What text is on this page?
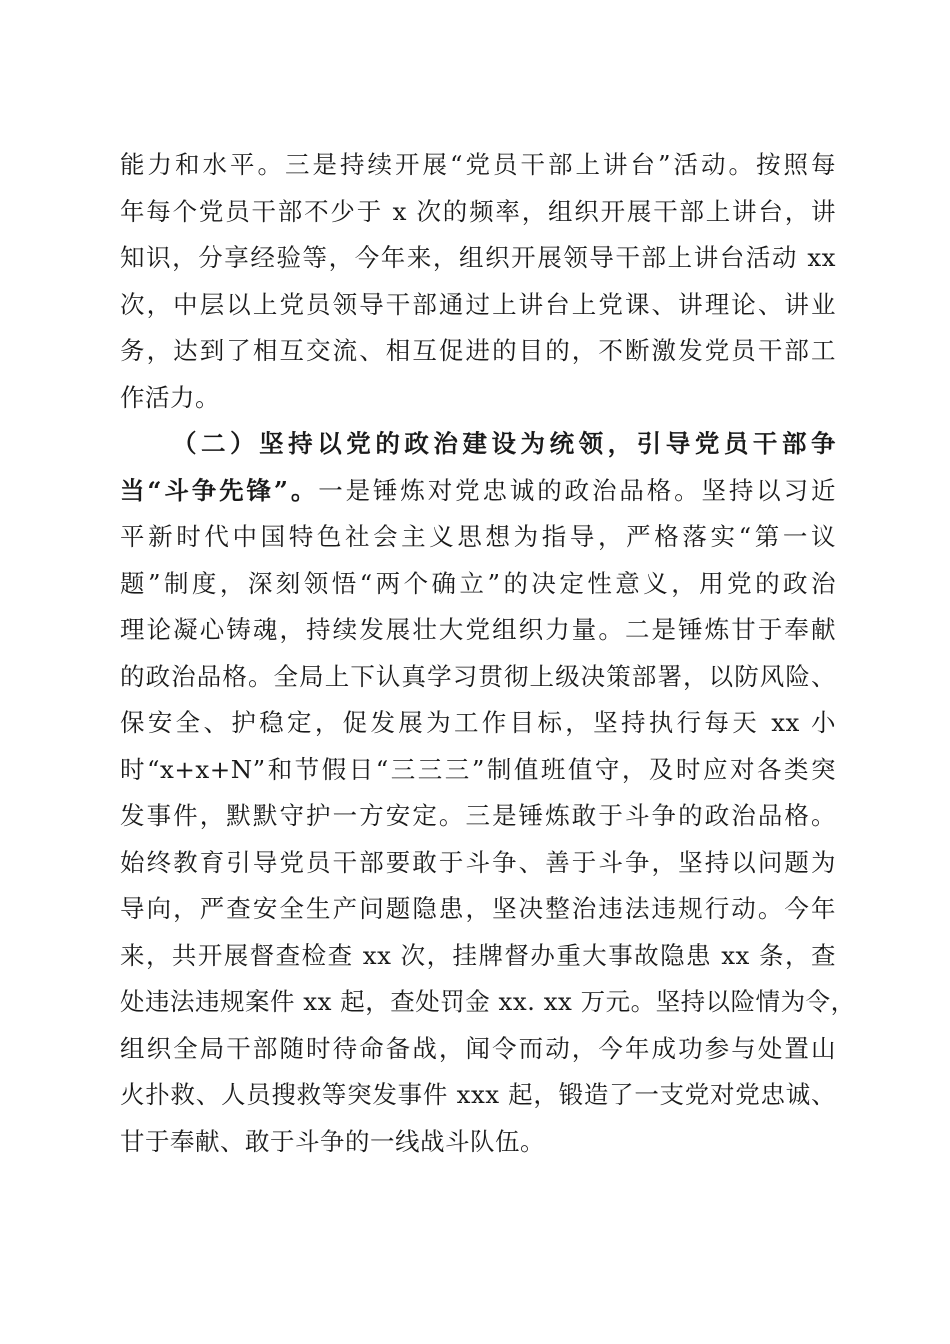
能力和水平。三是持续开展“党员干部上讲台”活动。按照每
年每个党员干部不少于 x 次的频率，组织开展干部上讲台，讲
知识，分享经验等，今年来，组织开展领导干部上讲台活动 xx
次，中层以上党员领导干部通过上讲台上党课、讲理论、讲业
务，达到了相互交流、相互促进的目的，不断激发党员干部工
作活力。
（二）坚持以党的政治建设为统领，引导党员干部争
当“斗争先锋”。一是锤炼对党忠诚的政治品格。坚持以习近
平新时代中国特色社会主义思想为指导，严格落实“第一议
题”制度，深刻领悟“两个确立”的决定性意义，用党的政治
理论凝心铸魂，持续发展壮大党组织力量。二是锤炼甘于奉献
的政治品格。全局上下认真学习贯彻上级决策部署，以防风险、
保安全、护稳定，促发展为工作目标，坚持执行每天 xx 小
时“x+x+N”和节假日“三三三”制值班值守，及时应对各类突
发事件，默默守护一方安定。三是锤炼敢于斗争的政治品格。
始终教育引导党员干部要敢于斗争、善于斗争，坚持以问题为
导向，严查安全生产问题隐患，坚决整治违法违规行动。今年
来，共开展督查检查 xx 次，挂牌督办重大事故隐患 xx 条，查
处违法违规案件 xx 起，查处罚金 xx. xx 万元。坚持以险情为令，
组织全局干部随时待命备战，闻令而动，今年成功参与处置山
火扑救、人员搜救等突发事件 xxx 起，锻造了一支党对党忠诚、
甘于奉献、敢于斗争的一线战斗队伍。
